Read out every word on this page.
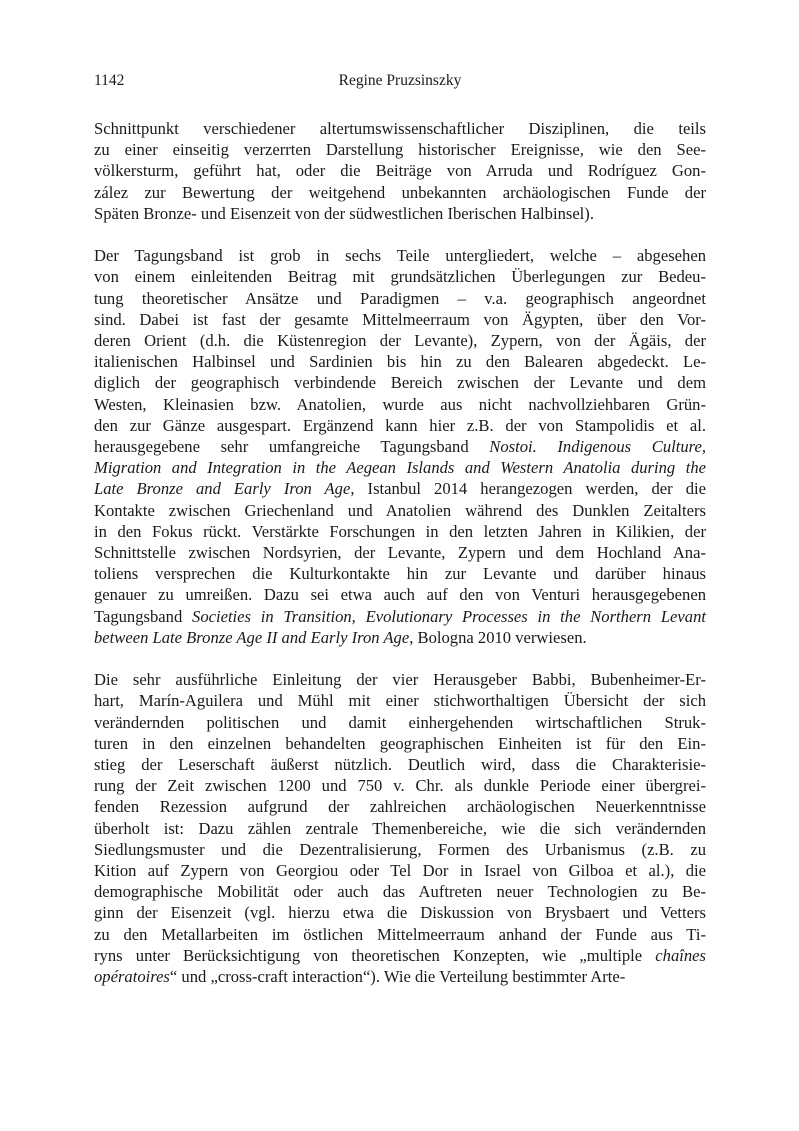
1142	Regine Pruzsinszky
Schnittpunkt verschiedener altertumswissenschaftlicher Disziplinen, die teils
zu einer einseitig verzerrten Darstellung historischer Ereignisse, wie den See-
völkersturm, geführt hat, oder die Beiträge von Arruda und Rodríguez Gon-
zález zur Bewertung der weitgehend unbekannten archäologischen Funde der
Späten Bronze- und Eisenzeit von der südwestlichen Iberischen Halbinsel).
Der Tagungsband ist grob in sechs Teile untergliedert, welche – abgesehen
von einem einleitenden Beitrag mit grundsätzlichen Überlegungen zur Bedeu-
tung theoretischer Ansätze und Paradigmen – v.a. geographisch angeordnet
sind. Dabei ist fast der gesamte Mittelmeerraum von Ägypten, über den Vor-
deren Orient (d.h. die Küstenregion der Levante), Zypern, von der Ägäis, der
italienischen Halbinsel und Sardinien bis hin zu den Balearen abgedeckt. Le-
diglich der geographisch verbindende Bereich zwischen der Levante und dem
Westen, Kleinasien bzw. Anatolien, wurde aus nicht nachvollziehbaren Grün-
den zur Gänze ausgespart. Ergänzend kann hier z.B. der von Stampolidis et al.
herausgegebene sehr umfangreiche Tagungsband Nostoi. Indigenous Culture,
Migration and Integration in the Aegean Islands and Western Anatolia during the
Late Bronze and Early Iron Age, Istanbul 2014 herangezogen werden, der die
Kontakte zwischen Griechenland und Anatolien während des Dunklen Zeitalters
in den Fokus rückt. Verstärkte Forschungen in den letzten Jahren in Kilikien, der
Schnittstelle zwischen Nordsyrien, der Levante, Zypern und dem Hochland Ana-
toliens versprechen die Kulturkontakte hin zur Levante und darüber hinaus
genauer zu umreißen. Dazu sei etwa auch auf den von Venturi herausgegebenen
Tagungsband Societies in Transition, Evolutionary Processes in the Northern Levant
between Late Bronze Age II and Early Iron Age, Bologna 2010 verwiesen.
Die sehr ausführliche Einleitung der vier Herausgeber Babbi, Bubenheimer-Er-
hart, Marín-Aguilera und Mühl mit einer stichworthaltigen Übersicht der sich
verändernden politischen und damit einhergehenden wirtschaftlichen Struk-
turen in den einzelnen behandelten geographischen Einheiten ist für den Ein-
stieg der Leserschaft äußerst nützlich. Deutlich wird, dass die Charakterisie-
rung der Zeit zwischen 1200 und 750 v. Chr. als dunkle Periode einer übergrei-
fenden Rezession aufgrund der zahlreichen archäologischen Neuerkenntnisse
überholt ist: Dazu zählen zentrale Themenbereiche, wie die sich verändernden
Siedlungsmuster und die Dezentralisierung, Formen des Urbanismus (z.B. zu
Kition auf Zypern von Georgiou oder Tel Dor in Israel von Gilboa et al.), die
demographische Mobilität oder auch das Auftreten neuer Technologien zu Be-
ginn der Eisenzeit (vgl. hierzu etwa die Diskussion von Brysbaert und Vetters
zu den Metallarbeiten im östlichen Mittelmeerraum anhand der Funde aus Ti-
ryns unter Berücksichtigung von theoretischen Konzepten, wie „multiple chaînes
opératoires“ und „cross-craft interaction“). Wie die Verteilung bestimmter Arte-
